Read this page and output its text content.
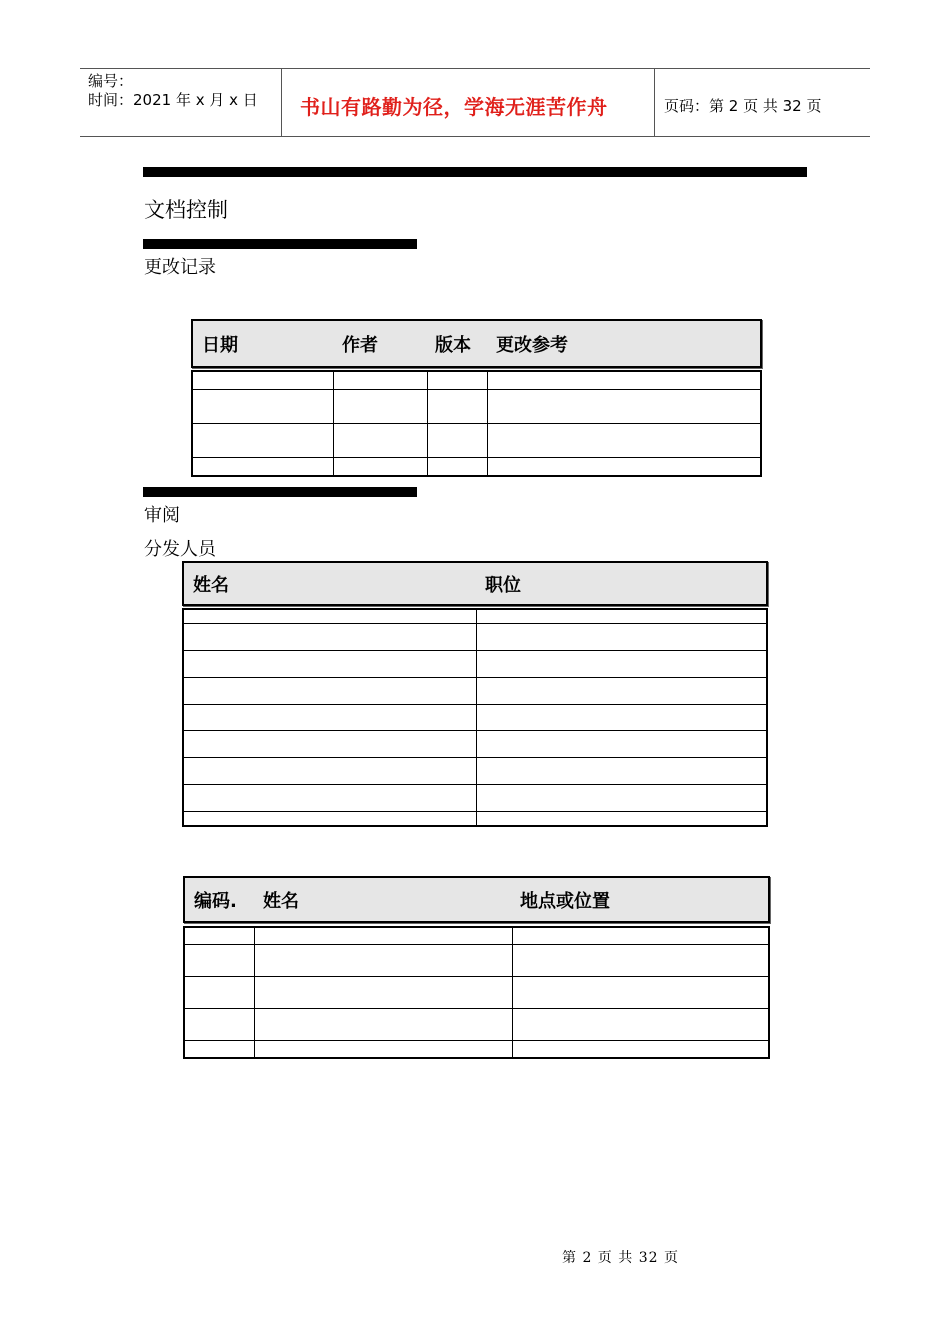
编号：
时间：2021 年 x 月 x 日 书山有路勤为径，学海无涯苦作舟	页码：第 2 页 共 32 页
文档控制
更改记录
日期	作者	版本 更改参考

审阅
分发人员
姓名	职位

编码. 姓名	地点或位置

第 2 页 共 32 页
